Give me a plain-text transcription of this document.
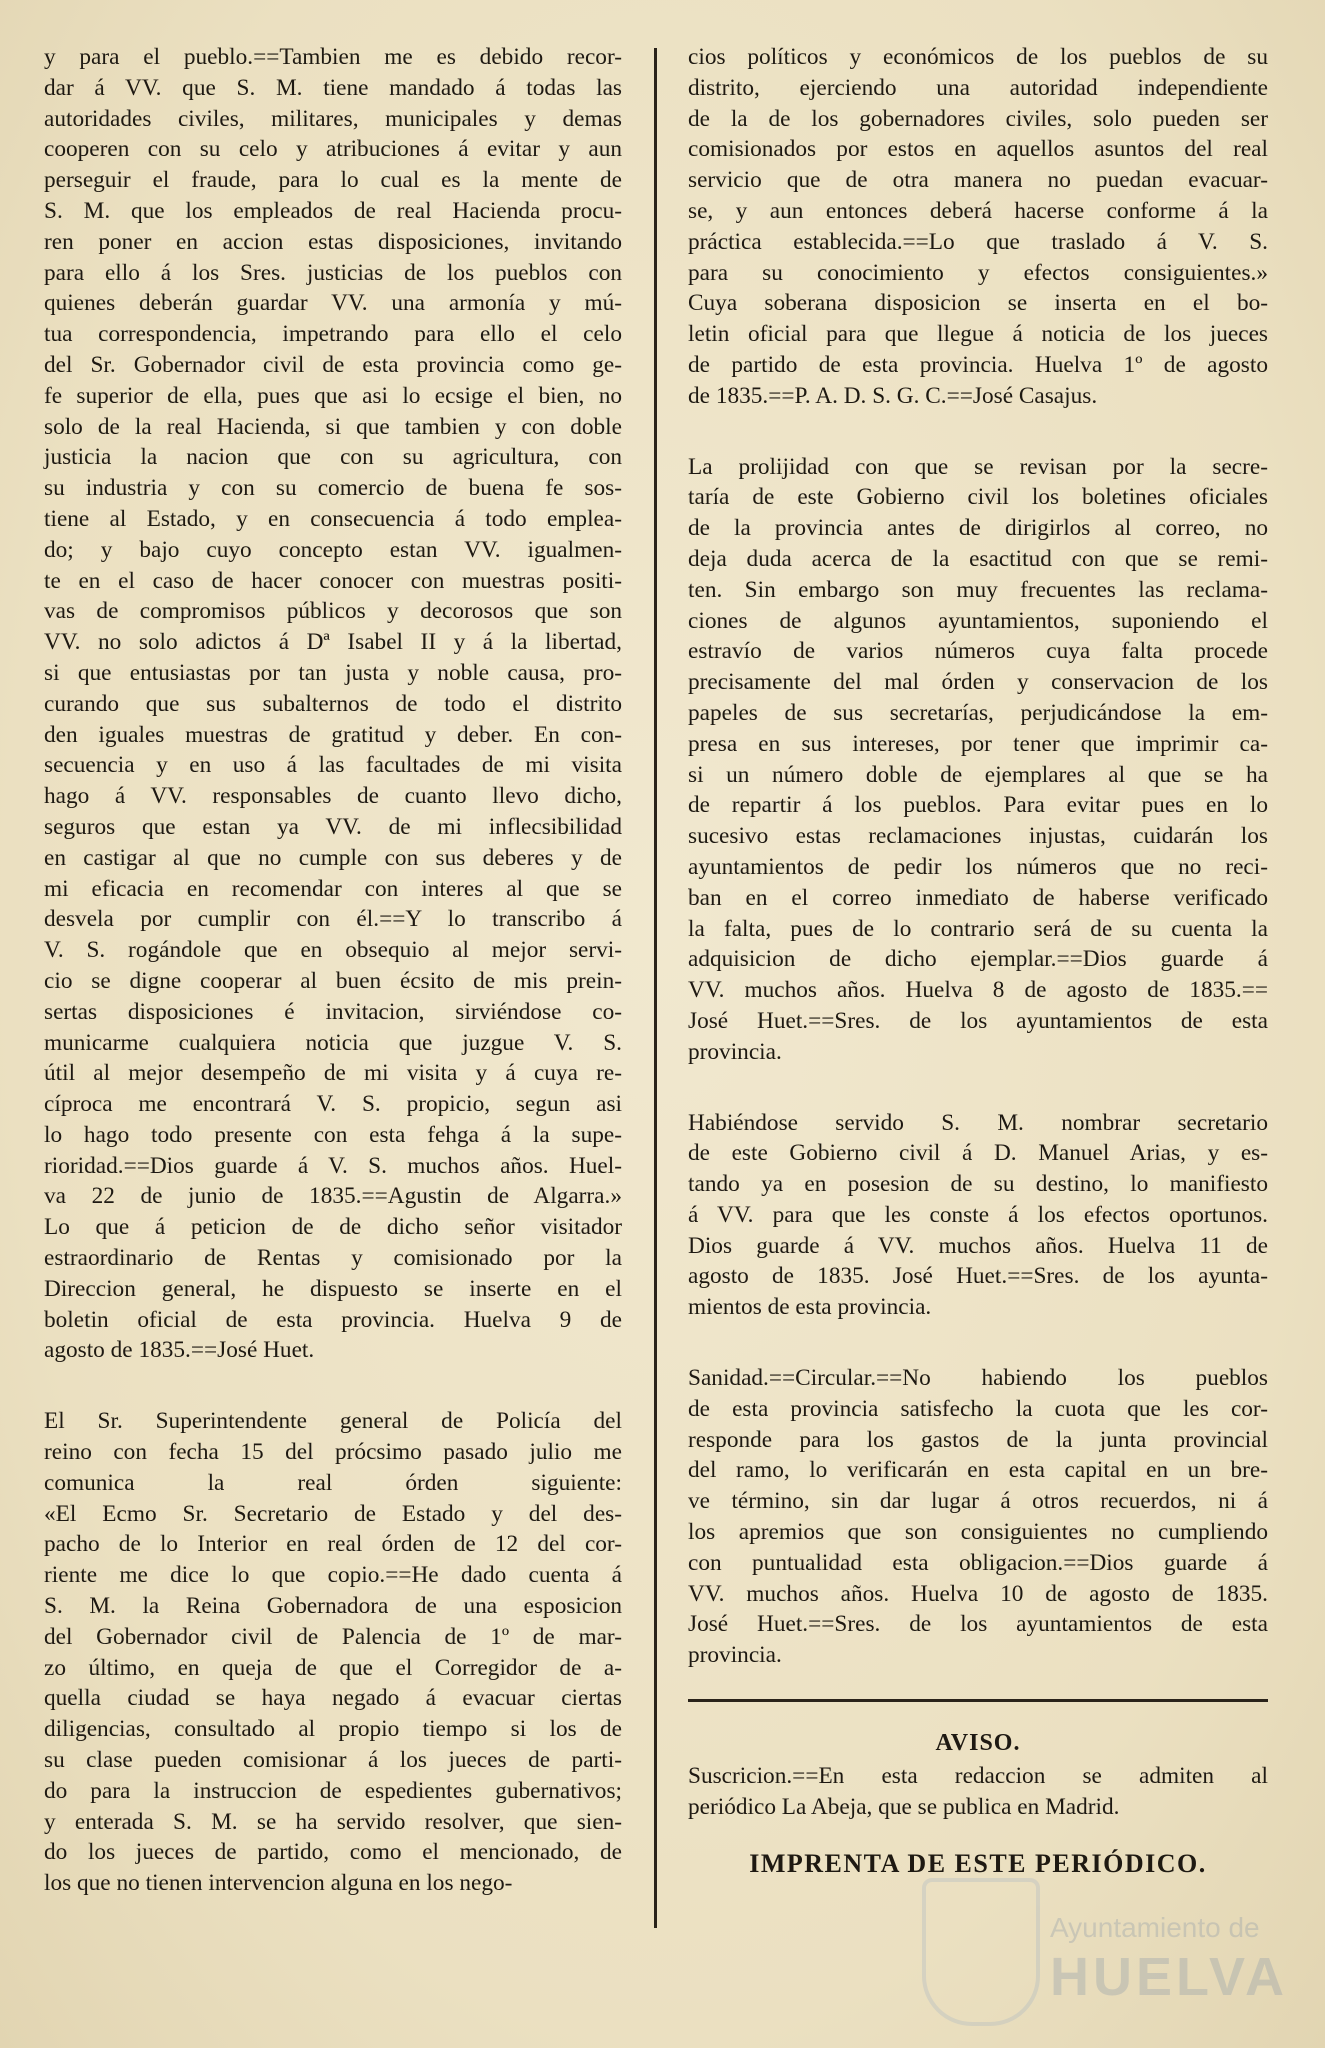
y para el pueblo.==Tambien me es debido recor-
dar á VV. que S. M. tiene mandado á todas las
autoridades civiles, militares, municipales y demas
cooperen con su celo y atribuciones á evitar y aun
perseguir el fraude, para lo cual es la mente de
S. M. que los empleados de real Hacienda procu-
ren poner en accion estas disposiciones, invitando
para ello á los Sres. justicias de los pueblos con
quienes deberán guardar VV. una armonía y mú-
tua correspondencia, impetrando para ello el celo
del Sr. Gobernador civil de esta provincia como ge-
fe superior de ella, pues que asi lo ecsige el bien, no
solo de la real Hacienda, si que tambien y con doble
justicia la nacion que con su agricultura, con
su industria y con su comercio de buena fe sos-
tiene al Estado, y en consecuencia á todo emplea-
do; y bajo cuyo concepto estan VV. igualmen-
te en el caso de hacer conocer con muestras positi-
vas de compromisos públicos y decorosos que son
VV. no solo adictos á Dª Isabel II y á la libertad,
si que entusiastas por tan justa y noble causa, pro-
curando que sus subalternos de todo el distrito
den iguales muestras de gratitud y deber. En con-
secuencia y en uso á las facultades de mi visita
hago á VV. responsables de cuanto llevo dicho,
seguros que estan ya VV. de mi inflecsibilidad
en castigar al que no cumple con sus deberes y de
mi eficacia en recomendar con interes al que se
desvela por cumplir con él.==Y lo transcribo á
V. S. rogándole que en obsequio al mejor servi-
cio se digne cooperar al buen écsito de mis prein-
sertas disposiciones é invitacion, sirviéndose co-
municarme cualquiera noticia que juzgue V. S.
útil al mejor desempeño de mi visita y á cuya re-
cíproca me encontrará V. S. propicio, segun asi
lo hago todo presente con esta fehga á la supe-
rioridad.==Dios guarde á V. S. muchos años. Huel-
va 22 de junio de 1835.==Agustin de Algarra.»
Lo que á peticion de de dicho señor visitador
estraordinario de Rentas y comisionado por la
Direccion general, he dispuesto se inserte en el
boletin oficial de esta provincia. Huelva 9 de
agosto de 1835.==José Huet.
El Sr. Superintendente general de Policía del
reino con fecha 15 del prócsimo pasado julio me
comunica la real órden siguiente:
«El Ecmo Sr. Secretario de Estado y del des-
pacho de lo Interior en real órden de 12 del cor-
riente me dice lo que copio.==He dado cuenta á
S. M. la Reina Gobernadora de una esposicion
del Gobernador civil de Palencia de 1º de mar-
zo último, en queja de que el Corregidor de a-
quella ciudad se haya negado á evacuar ciertas
diligencias, consultado al propio tiempo si los de
su clase pueden comisionar á los jueces de parti-
do para la instruccion de espedientes gubernativos;
y enterada S. M. se ha servido resolver, que sien-
do los jueces de partido, como el mencionado, de
los que no tienen intervencion alguna en los nego-
cios políticos y económicos de los pueblos de su
distrito, ejerciendo una autoridad independiente
de la de los gobernadores civiles, solo pueden ser
comisionados por estos en aquellos asuntos del real
servicio que de otra manera no puedan evacuar-
se, y aun entonces deberá hacerse conforme á la
práctica establecida.==Lo que traslado á V. S.
para su conocimiento y efectos consiguientes.»
Cuya soberana disposicion se inserta en el bo-
letin oficial para que llegue á noticia de los jueces
de partido de esta provincia. Huelva 1º de agosto
de 1835.==P. A. D. S. G. C.==José Casajus.
La prolijidad con que se revisan por la secre-
taría de este Gobierno civil los boletines oficiales
de la provincia antes de dirigirlos al correo, no
deja duda acerca de la esactitud con que se remi-
ten. Sin embargo son muy frecuentes las reclama-
ciones de algunos ayuntamientos, suponiendo el
estravío de varios números cuya falta procede
precisamente del mal órden y conservacion de los
papeles de sus secretarías, perjudicándose la em-
presa en sus intereses, por tener que imprimir ca-
si un número doble de ejemplares al que se ha
de repartir á los pueblos. Para evitar pues en lo
sucesivo estas reclamaciones injustas, cuidarán los
ayuntamientos de pedir los números que no reci-
ban en el correo inmediato de haberse verificado
la falta, pues de lo contrario será de su cuenta la
adquisicion de dicho ejemplar.==Dios guarde á
VV. muchos años. Huelva 8 de agosto de 1835.==
José Huet.==Sres. de los ayuntamientos de esta
provincia.
Habiéndose servido S. M. nombrar secretario
de este Gobierno civil á D. Manuel Arias, y es-
tando ya en posesion de su destino, lo manifiesto
á VV. para que les conste á los efectos oportunos.
Dios guarde á VV. muchos años. Huelva 11 de
agosto de 1835. José Huet.==Sres. de los ayunta-
mientos de esta provincia.
Sanidad.==Circular.==No habiendo los pueblos
de esta provincia satisfecho la cuota que les cor-
responde para los gastos de la junta provincial
del ramo, lo verificarán en esta capital en un bre-
ve término, sin dar lugar á otros recuerdos, ni á
los apremios que son consiguientes no cumpliendo
con puntualidad esta obligacion.==Dios guarde á
VV. muchos años. Huelva 10 de agosto de 1835.
José Huet.==Sres. de los ayuntamientos de esta
provincia.
AVISO.
Suscricion.==En esta redaccion se admiten al
periódico La Abeja, que se publica en Madrid.
IMPRENTA DE ESTE PERIÓDICO.
Ayuntamiento de
HUELVA
